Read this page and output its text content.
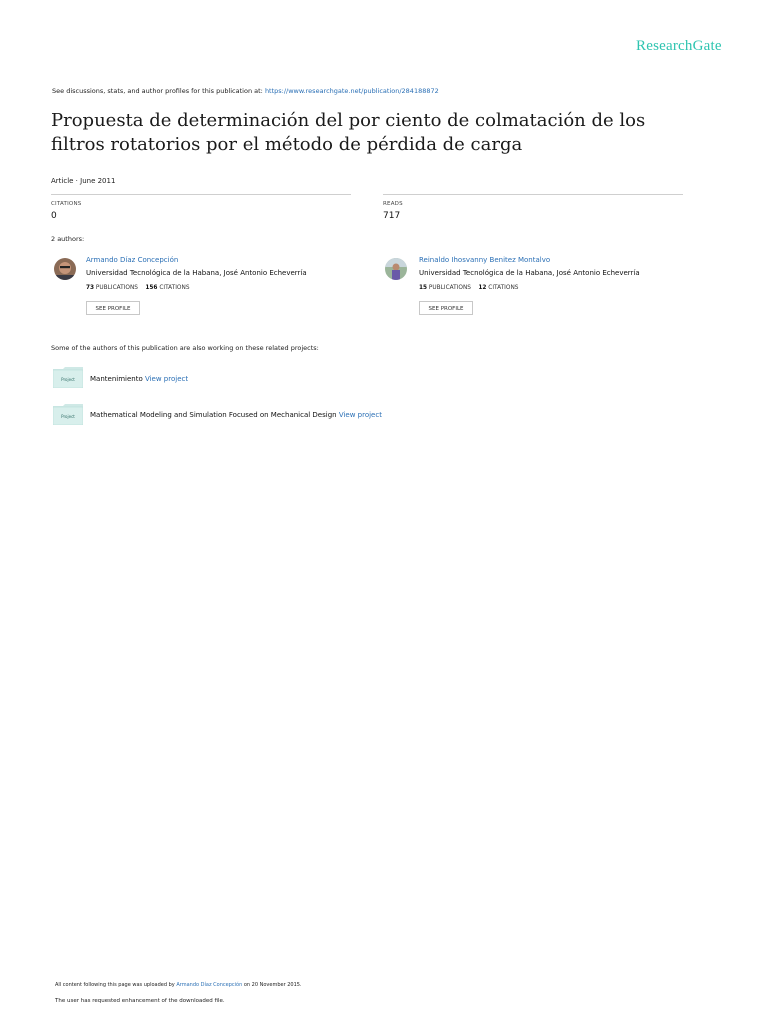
ResearchGate
See discussions, stats, and author profiles for this publication at: https://www.researchgate.net/publication/284188872
Propuesta de determinación del por ciento de colmatación de los filtros rotatorios por el método de pérdida de carga
Article · June 2011
CITATIONS
0
READS
717
2 authors:
Armando Díaz Concepción
Universidad Tecnológica de la Habana, José Antonio Echeverría
73 PUBLICATIONS 156 CITATIONS
SEE PROFILE
Reinaldo Ihosvanny Benitez Montalvo
Universidad Tecnológica de la Habana, José Antonio Echeverría
15 PUBLICATIONS 12 CITATIONS
SEE PROFILE
Some of the authors of this publication are also working on these related projects:
Project	Mantenimiento View project
Project	Mathematical Modeling and Simulation Focused on Mechanical Design View project
All content following this page was uploaded by Armando Díaz Concepción on 20 November 2015.
The user has requested enhancement of the downloaded file.
